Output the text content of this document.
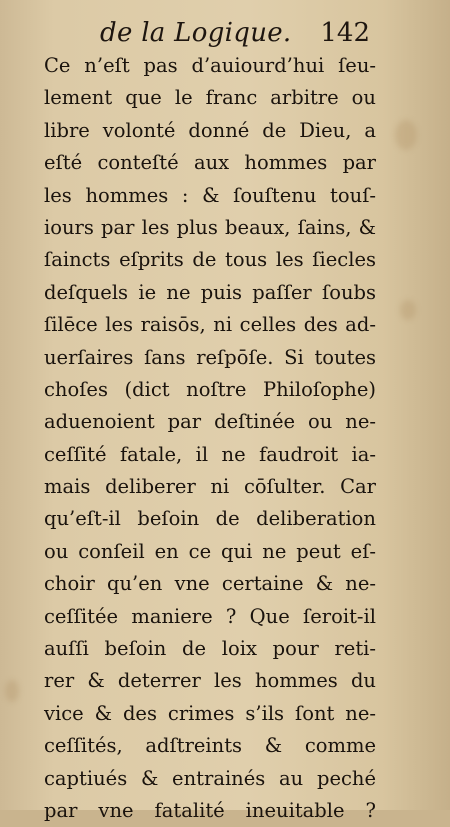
de la Logique. 142
Ce n’eſt pas d’auiourd’hui ſeu-
lement que le franc arbitre ou
libre volonté donné de Dieu, a
eſté conteſté aux hommes par
les hommes : & ſouſtenu touſ-
iours par les plus beaux, ſains, &
ſaincts eſprits de tous les ſiecles
deſquels ie ne puis paſſer ſoubs
ſilēce les raisōs, ni celles des ad-
uerſaires ſans reſpōſe. Si toutes
choſes (dict noſtre Philoſophe)
aduenoient par deſtinée ou ne-
ceſſité fatale, il ne faudroit ia-
mais deliberer ni cōſulter. Car
qu’eſt-il beſoin de deliberation
ou conſeil en ce qui ne peut eſ-
choir qu’en vne certaine & ne-
ceſſitée maniere ? Que ſeroit-il
auſſi beſoin de loix pour reti-
rer & deterrer les hommes du
vice & des crimes s’ils ſont ne-
ceſſités, adſtreints & comme
captiués & entrainés au peché
par vne fatalité ineuitable ?
